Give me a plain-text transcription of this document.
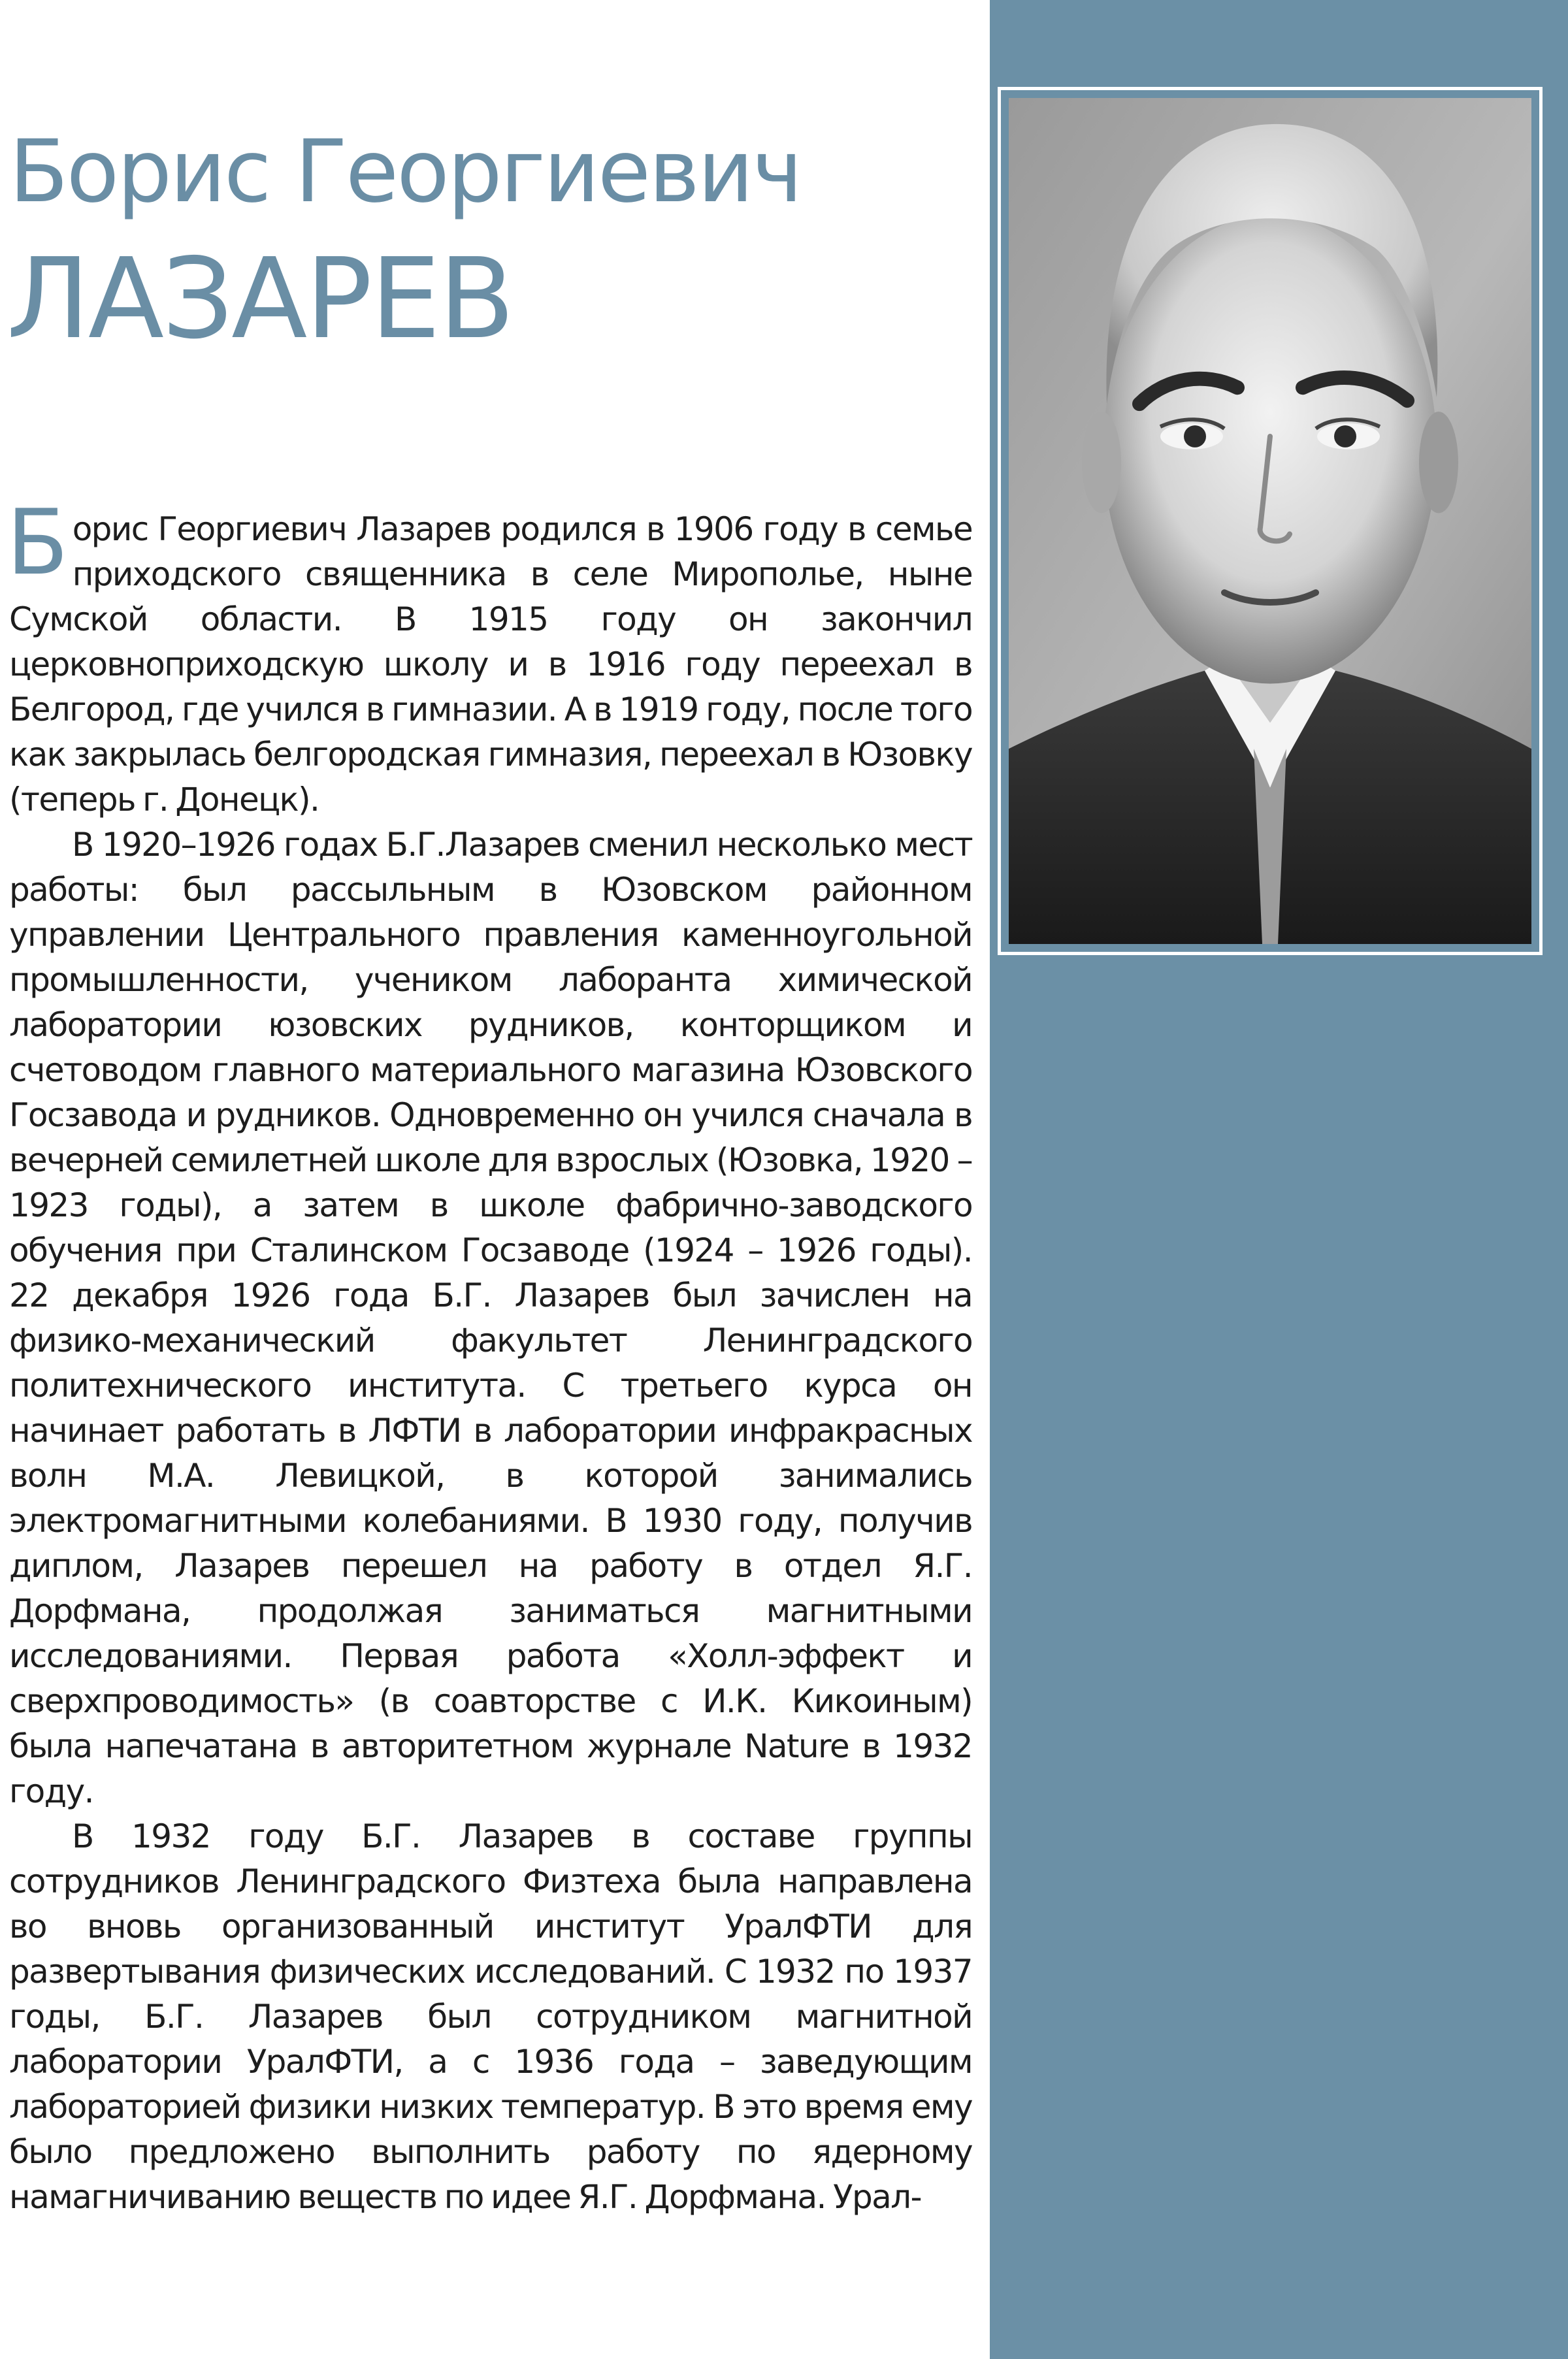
Борис Георгиевич
ЛАЗАРЕВ

Борис Георгиевич Лазарев родился в 1906 году в семье приходского священника в селе Мирополье, ныне Сумской области. В 1915 году он закончил церковноприходскую школу и в 1916 году переехал в Белгород, где учился в гимназии. А в 1919 году, после того как закрылась белгородская гимназия, переехал в Юзовку (теперь г. Донецк).

В 1920–1926 годах Б.Г.Лазарев сменил несколько мест работы: был рассыльным в Юзовском районном управлении Центрального правления каменноугольной промышленности, учеником лаборанта химической лаборатории юзовских рудников, конторщиком и счетоводом главного материального магазина Юзовского Госзавода и рудников. Одновременно он учился сначала в вечерней семилетней школе для взрослых (Юзовка, 1920 –1923 годы), а затем в школе фабрично-заводского обучения при Сталинском Госзаводе (1924 – 1926 годы). 22 декабря 1926 года Б.Г. Лазарев был зачислен на физико-механический факультет Ленинградского политехнического института. С третьего курса он начинает работать в ЛФТИ в лаборатории инфракрасных волн М.А. Левицкой, в которой занимались электромагнитными колебаниями. В 1930 году, получив диплом, Лазарев перешел на работу в отдел Я.Г. Дорфмана, продолжая заниматься магнитными исследованиями. Первая работа «Холл-эффект и сверхпроводимость» (в соавторстве с И.К. Кикоиным) была напечатана в авторитетном журнале Nature в 1932 году.

В 1932 году Б.Г. Лазарев в составе группы сотрудников Ленинградского Физтеха была направлена во вновь организованный институт УралФТИ для развертывания физических исследований. С 1932 по 1937 годы, Б.Г. Лазарев был сотрудником магнитной лаборатории УралФТИ, а с 1936 года – заведующим лабораторией физики низких температур. В это время ему было предложено выполнить работу по ядерному намагничиванию веществ по идее Я.Г. Дорфмана. Урал-
